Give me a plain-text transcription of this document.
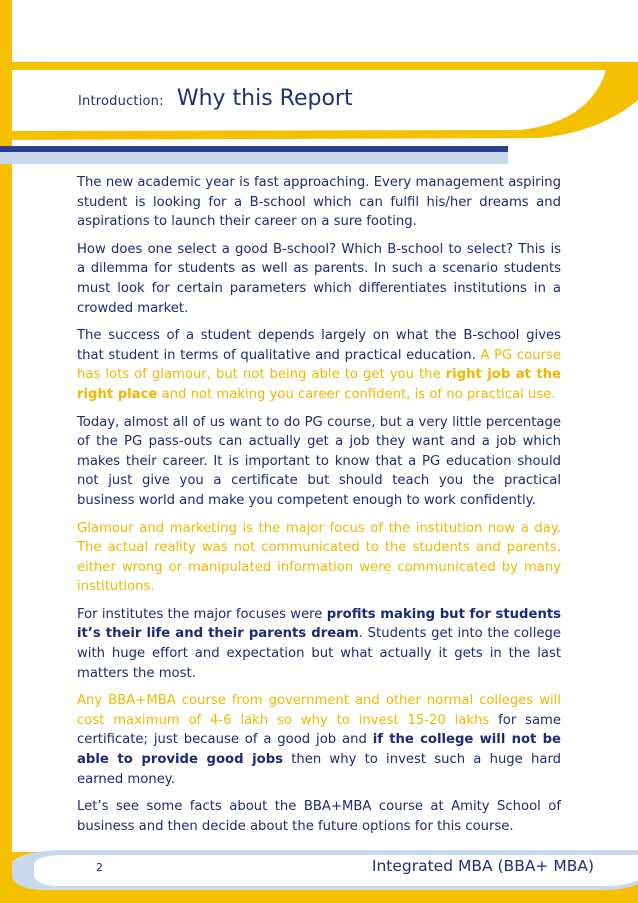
Introduction: Why this Report

The new academic year is fast approaching. Every management aspiring student is looking for a B-school which can fulfil his/her dreams and aspirations to launch their career on a sure footing.

How does one select a good B-school? Which B-school to select? This is a dilemma for students as well as parents. In such a scenario students must look for certain parameters which differentiates institutions in a crowded market.

The success of a student depends largely on what the B-school gives that student in terms of qualitative and practical education. A PG course has lots of glamour, but not being able to get you the right job at the right place and not making you career confident, is of no practical use.

Today, almost all of us want to do PG course, but a very little percentage of the PG pass-outs can actually get a job they want and a job which makes their career. It is important to know that a PG education should not just give you a certificate but should teach you the practical business world and make you competent enough to work confidently.

Glamour and marketing is the major focus of the institution now a day. The actual reality was not communicated to the students and parents, either wrong or manipulated information were communicated by many institutions.

For institutes the major focuses were profits making but for students it’s their life and their parents dream. Students get into the college with huge effort and expectation but what actually it gets in the last matters the most.

Any BBA+MBA course from government and other normal colleges will cost maximum of 4-6 lakh so why to invest 15-20 lakhs for same certificate; just because of a good job and if the college will not be able to provide good jobs then why to invest such a huge hard earned money.

Let’s see some facts about the BBA+MBA course at Amity School of business and then decide about the future options for this course.

2	Integrated MBA (BBA+ MBA)
